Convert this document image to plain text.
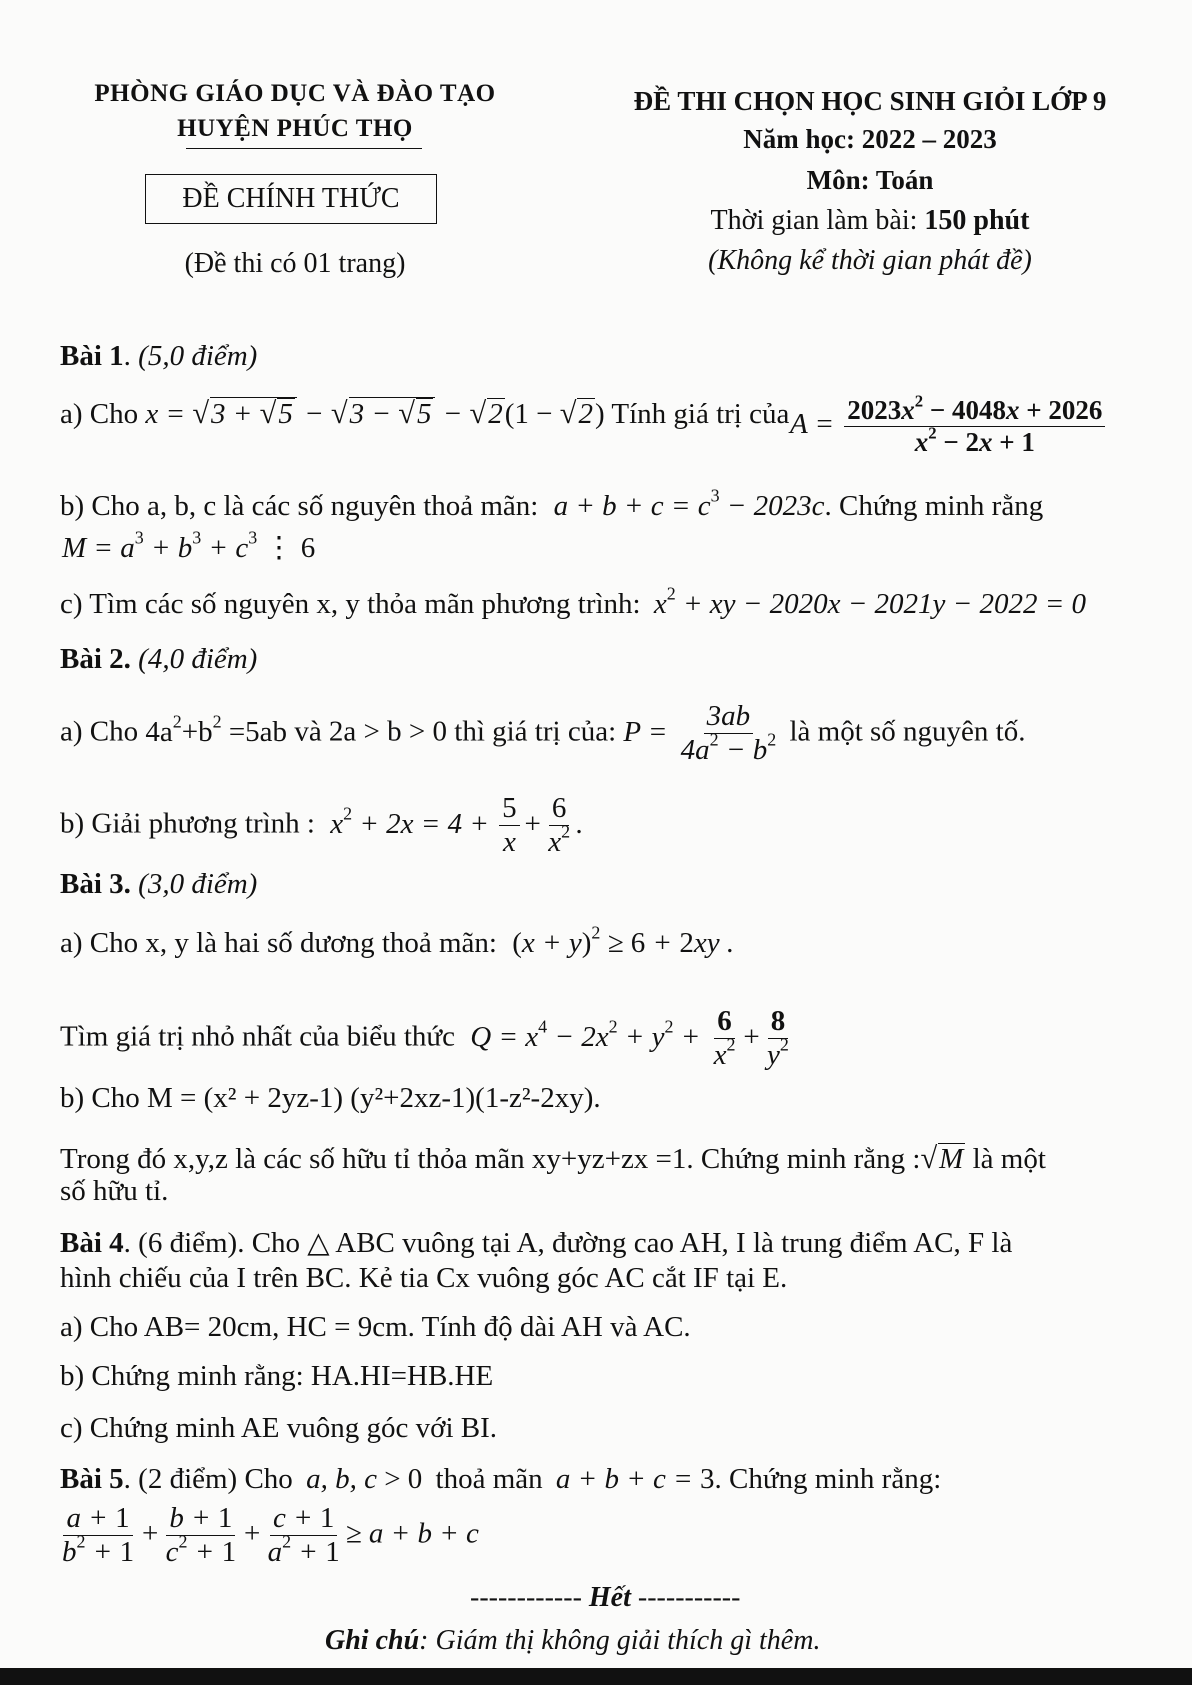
PHÒNG GIÁO DỤC VÀ ĐÀO TẠO
HUYỆN PHÚC THỌ
ĐỀ CHÍNH THỨC
(Đề thi có 01 trang)
ĐỀ THI CHỌN HỌC SINH GIỎI LỚP 9
Năm học: 2022 – 2023
Môn: Toán
Thời gian làm bài: 150 phút
(Không kể thời gian phát đề)
Bài 1. (5,0 điểm)
a) Cho x = √3 + √5 − √3 − √5 − √2(1 − √2) Tính giá trị của $A = \frac{2023x^2 - 4048x + 2026}{x^2 - 2x + 1}$
b) Cho a, b, c là các số nguyên thoả mãn: $a + b + c = c^3 - 2023c$. Chứng minh rằng
$M = a^3 + b^3 + c^3$ ⋮ 6
c) Tìm các số nguyên x, y thỏa mãn phương trình: $x^2$ + xy − 2020x − 2021y − 2022 = 0
Bài 2. (4,0 điểm)
a) Cho $4a^2+b^2 =5ab$ và 2a > b > 0 thì giá trị của: $P = \frac{3ab}{4a^2 - b^2}$ là một số nguyên tố.
b) Giải phương trình : $x^2 + 2x = 4 + \frac{5}{x} + \frac{6}{x^2}$ .
Bài 3. (3,0 điểm)
a) Cho x, y là hai số dương thoả mãn: $(x + y)^2 \ge 6 + 2xy$ .
Tìm giá trị nhỏ nhất của biểu thức $Q = x^4 - 2x^2 + y^2 + \frac{6}{x^2} + \frac{8}{y^2}$
b) Cho M = (x² + 2yz-1) (y²+2xz-1)(1-z²-2xy).
Trong đó x,y,z là các số hữu tỉ thỏa mãn xy+yz+zx =1. Chứng minh rằng :√M là một
số hữu tỉ.
Bài 4. (6 điểm). Cho △ ABC vuông tại A, đường cao AH, I là trung điểm AC, F là
hình chiếu của I trên BC. Kẻ tia Cx vuông góc AC cắt IF tại E.
a) Cho AB= 20cm, HC = 9cm. Tính độ dài AH và AC.
b) Chứng minh rằng: HA.HI=HB.HE
c) Chứng minh AE vuông góc với BI.
Bài 5. (2 điểm) Cho a, b, c > 0 thoả mãn a + b + c = 3. Chứng minh rằng:
$\frac{a + 1}{b^2 + 1} + \frac{b + 1}{c^2 + 1} + \frac{c + 1}{a^2 + 1} \ge a + b + c$
------------ Hết -----------
Ghi chú: Giám thị không giải thích gì thêm.
